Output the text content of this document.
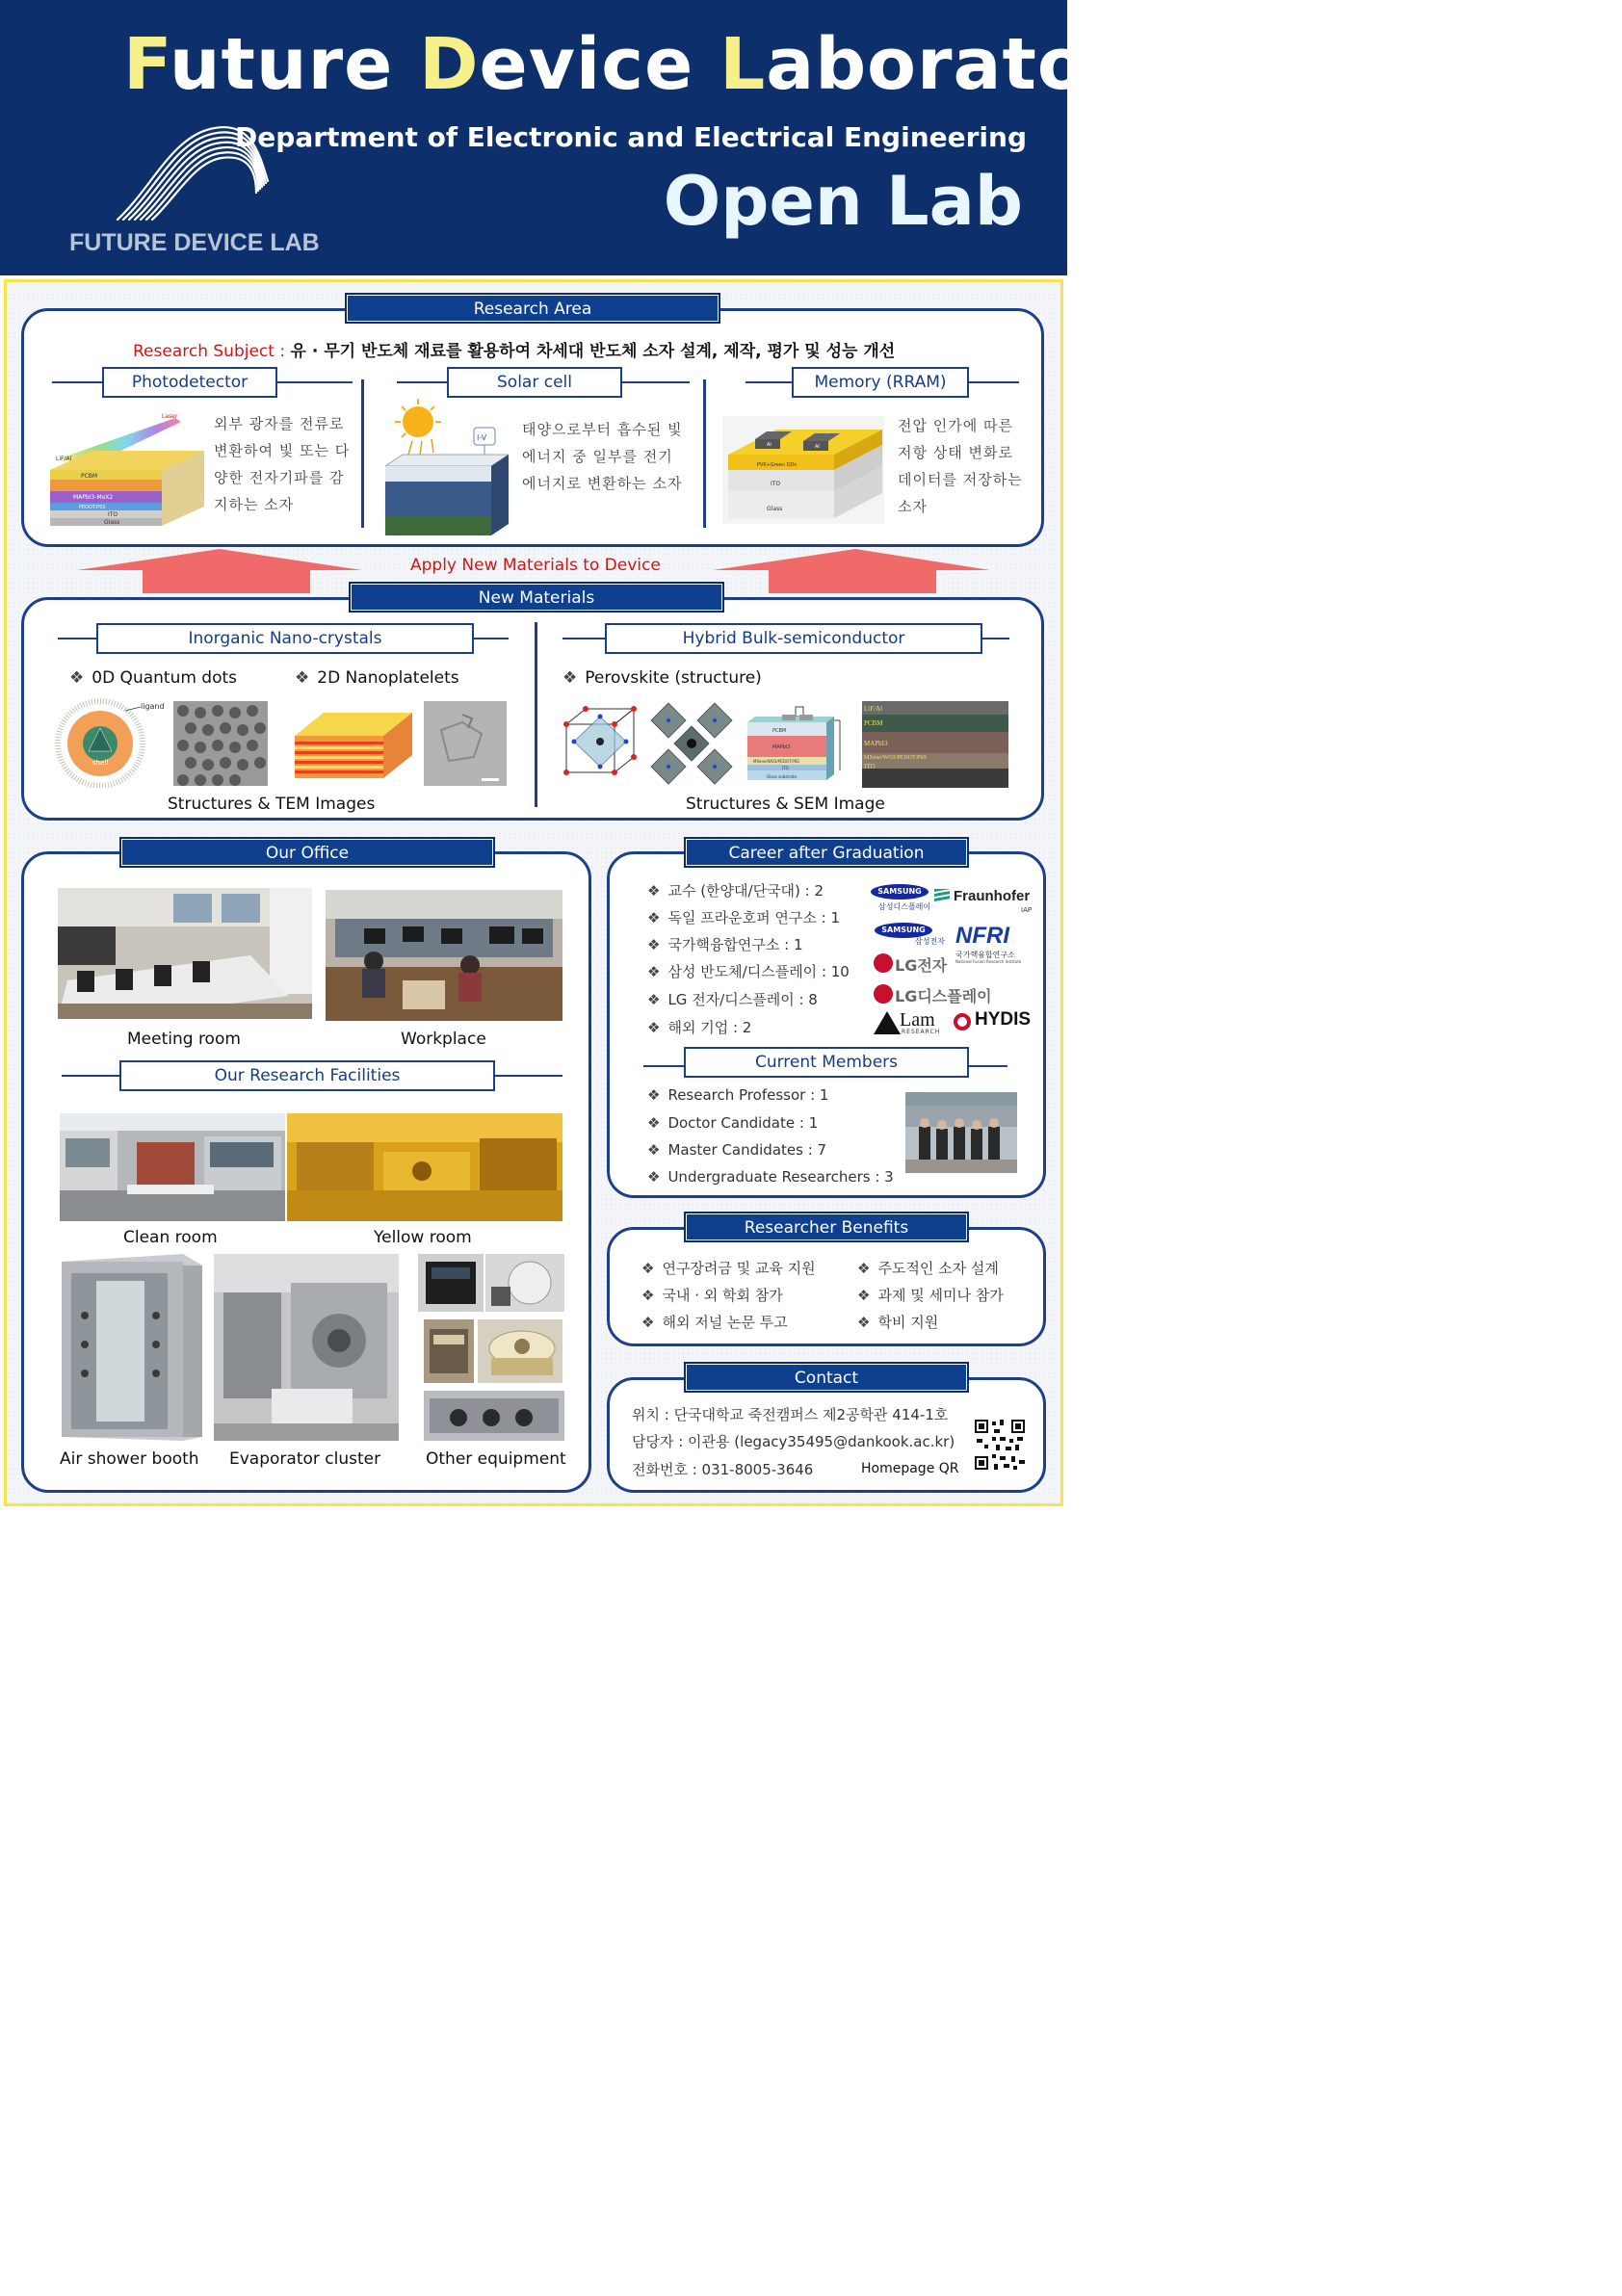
Future Device Laboratory
Department of Electronic and Electrical Engineering
Open Lab
FUTURE DEVICE LAB
Research Area
Research Subject : 유 · 무기 반도체 재료를 활용하여 차세대 반도체 소자 설계, 제작, 평가 및 성능 개선
Photodetector
Laser
LiF/Al
PCBM
MAPbI3-MoX2
PEDOT:PSS
ITO
Glass
외부 광자를 전류로 변환하여 빛 또는 다양한 전자기파를 감지하는 소자
Solar cell
I-V 태양으로부터 흡수된 빛 에너지 중 일부를 전기 에너지로 변환하는 소자
Memory (RRAM)
Al	Al
PVK+Green QDs
ITO
Glass
전압 인가에 따른 저항 상태 변화로 데이터를 저장하는 소자
Apply New Materials to Device
New Materials
Inorganic Nano-crystals
❖ 0D Quantum dots	❖ 2D Nanoplatelets
ligand
shell
Structures & TEM Images
Hybrid Bulk-semiconductor
❖ Perovskite (structure)
PCBM
MAPbI3
MXene/WO3/PEDOT:PSS
ITO
Glass substrate
LiF/Al
PCBM
MAPbI3
MXene/WO3/PEDOT:PSS
ITO
Structures & SEM Image
Our Office
Meeting room	Workplace
Our Research Facilities
Clean room	Yellow room
Air shower booth Evaporator cluster	Other equipment
Career after Graduation
❖ 교수 (한양대/단국대) : 2
❖ 독일 프라운호퍼 연구소 : 1
❖ 국가핵융합연구소 : 1
❖ 삼성 반도체/디스플레이 : 10
❖ LG 전자/디스플레이 : 8
❖ 해외 기업 : 2
SAMSUNG
삼성디스플레이
Fraunhofer
IAP
SAMSUNG
삼성전자 NFRI
국가핵융합연구소
National Fusion Research Institute
LG전자
LG디스플레이
Lam
RESEARCH
HYDIS
Current Members
❖ Research Professor : 1
❖ Doctor Candidate : 1
❖ Master Candidates : 7
❖ Undergraduate Researchers : 3
Researcher Benefits
❖ 연구장려금 및 교육 지원
❖ 국내 · 외 학회 참가
❖ 해외 저널 논문 투고
❖ 주도적인 소자 설계
❖ 과제 및 세미나 참가
❖ 학비 지원
Contact
위치 : 단국대학교 죽전캠퍼스 제2공학관 414-1호
담당자 : 이관용 (legacy35495@dankook.ac.kr)
전화번호 : 031-8005-3646	Homepage QR
